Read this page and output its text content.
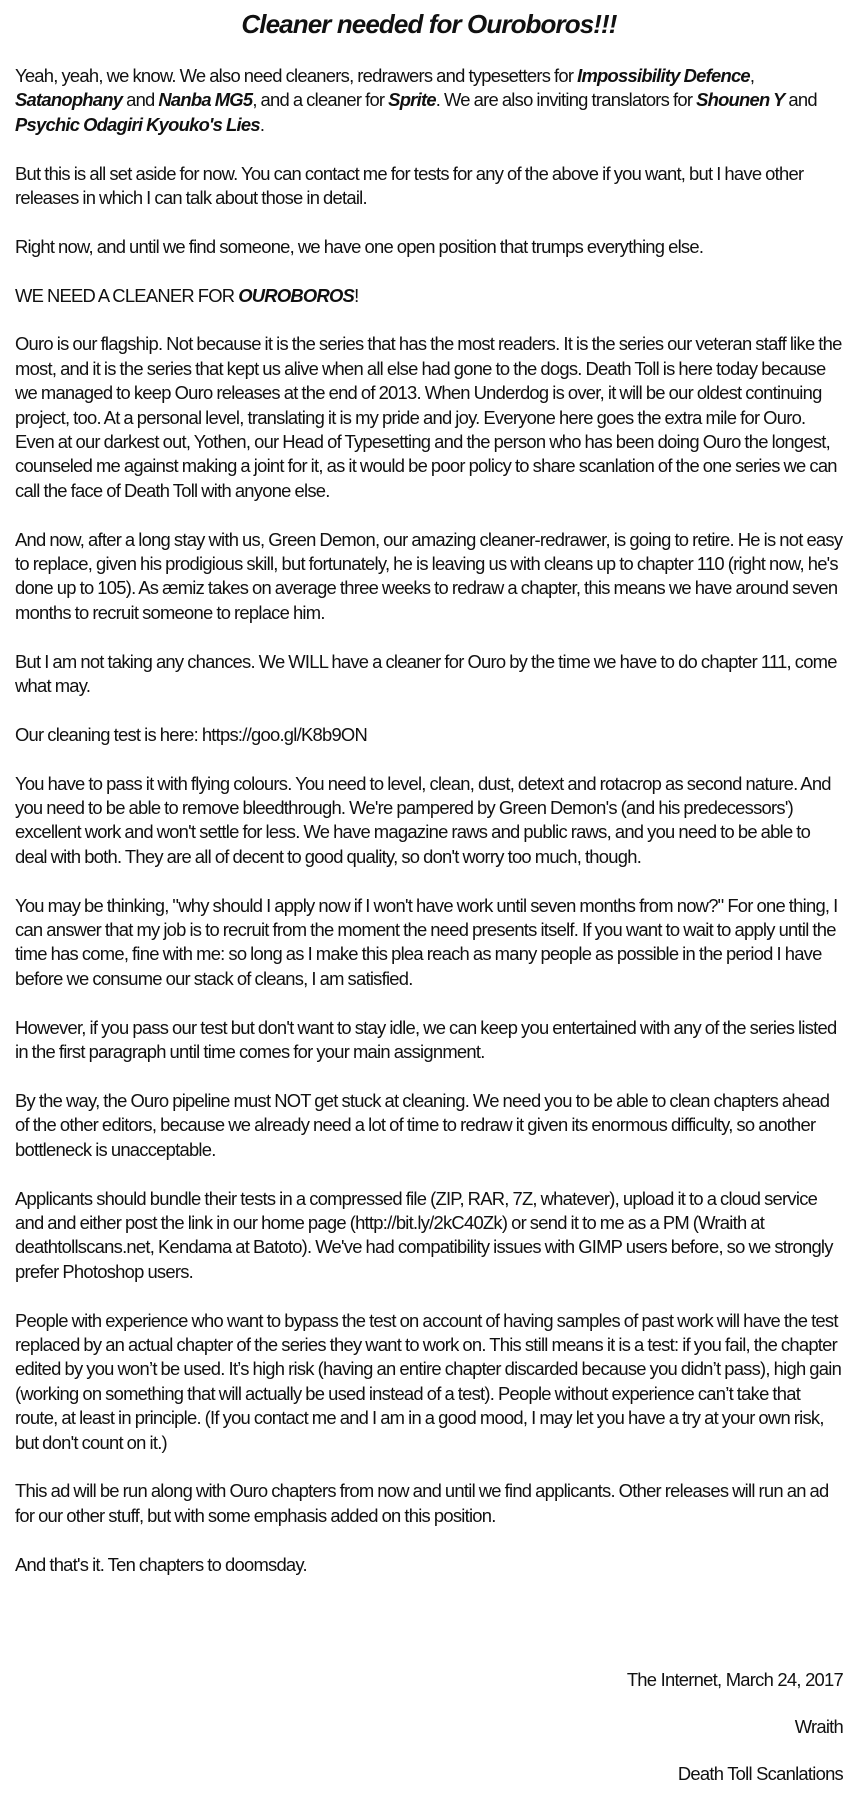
Cleaner needed for Ouroboros!!!

Yeah, yeah, we know. We also need cleaners, redrawers and typesetters for Impossibility Defence, Satanophany and Nanba MG5, and a cleaner for Sprite. We are also inviting translators for Shounen Y and Psychic Odagiri Kyouko's Lies.

But this is all set aside for now. You can contact me for tests for any of the above if you want, but I have other releases in which I can talk about those in detail.

Right now, and until we find someone, we have one open position that trumps everything else.

WE NEED A CLEANER FOR OUROBOROS!

Ouro is our flagship. Not because it is the series that has the most readers. It is the series our veteran staff like the most, and it is the series that kept us alive when all else had gone to the dogs. Death Toll is here today because we managed to keep Ouro releases at the end of 2013. When Underdog is over, it will be our oldest continuing project, too. At a personal level, translating it is my pride and joy. Everyone here goes the extra mile for Ouro. Even at our darkest out, Yothen, our Head of Typesetting and the person who has been doing Ouro the longest, counseled me against making a joint for it, as it would be poor policy to share scanlation of the one series we can call the face of Death Toll with anyone else.

And now, after a long stay with us, Green Demon, our amazing cleaner-redrawer, is going to retire. He is not easy to replace, given his prodigious skill, but fortunately, he is leaving us with cleans up to chapter 110 (right now, he's done up to 105). As æmiz takes on average three weeks to redraw a chapter, this means we have around seven months to recruit someone to replace him.

But I am not taking any chances. We WILL have a cleaner for Ouro by the time we have to do chapter 111, come what may.

Our cleaning test is here: https://goo.gl/K8b9ON

You have to pass it with flying colours. You need to level, clean, dust, detext and rotacrop as second nature. And you need to be able to remove bleedthrough. We're pampered by Green Demon's (and his predecessors') excellent work and won't settle for less. We have magazine raws and public raws, and you need to be able to deal with both. They are all of decent to good quality, so don't worry too much, though.

You may be thinking, "why should I apply now if I won't have work until seven months from now?" For one thing, I can answer that my job is to recruit from the moment the need presents itself. If you want to wait to apply until the time has come, fine with me: so long as I make this plea reach as many people as possible in the period I have before we consume our stack of cleans, I am satisfied.

However, if you pass our test but don't want to stay idle, we can keep you entertained with any of the series listed in the first paragraph until time comes for your main assignment.

By the way, the Ouro pipeline must NOT get stuck at cleaning. We need you to be able to clean chapters ahead of the other editors, because we already need a lot of time to redraw it given its enormous difficulty, so another bottleneck is unacceptable.

Applicants should bundle their tests in a compressed file (ZIP, RAR, 7Z, whatever), upload it to a cloud service and and either post the link in our home page (http://bit.ly/2kC40Zk) or send it to me as a PM (Wraith at deathtollscans.net, Kendama at Batoto). We've had compatibility issues with GIMP users before, so we strongly prefer Photoshop users.

People with experience who want to bypass the test on account of having samples of past work will have the test replaced by an actual chapter of the series they want to work on. This still means it is a test: if you fail, the chapter edited by you won’t be used. It’s high risk (having an entire chapter discarded because you didn’t pass), high gain (working on something that will actually be used instead of a test). People without experience can’t take that route, at least in principle. (If you contact me and I am in a good mood, I may let you have a try at your own risk, but don't count on it.)

This ad will be run along with Ouro chapters from now and until we find applicants. Other releases will run an ad for our other stuff, but with some emphasis added on this position.

And that's it. Ten chapters to doomsday.

The Internet, March 24, 2017

Wraith

Death Toll Scanlations
